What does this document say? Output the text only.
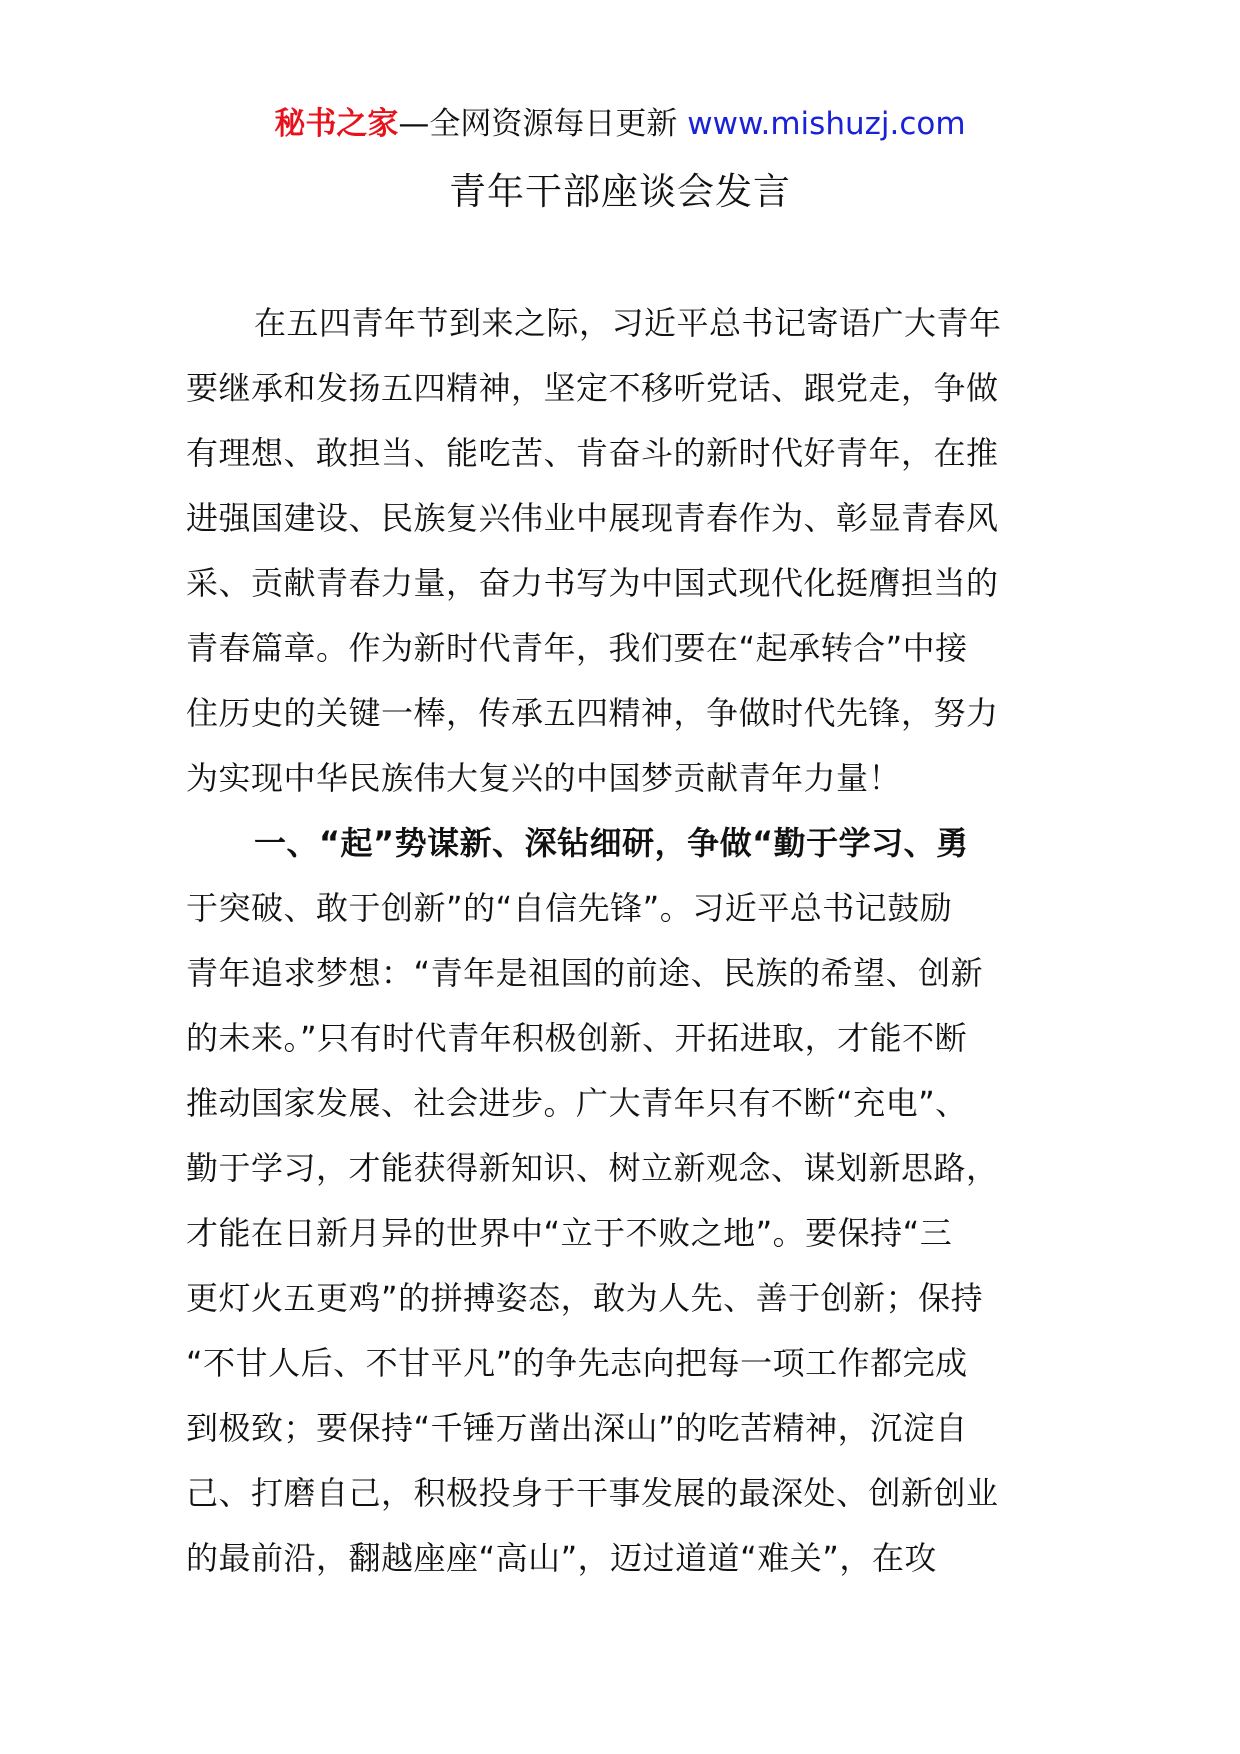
秘书之家—全网资源每日更新 www.mishuzj.com
青年干部座谈会发言
在五四青年节到来之际，习近平总书记寄语广大青年
要继承和发扬五四精神，坚定不移听党话、跟党走，争做
有理想、敢担当、能吃苦、肯奋斗的新时代好青年，在推
进强国建设、民族复兴伟业中展现青春作为、彰显青春风
采、贡献青春力量，奋力书写为中国式现代化挺膺担当的
青春篇章。作为新时代青年，我们要在“起承转合”中接
住历史的关键一棒，传承五四精神，争做时代先锋，努力
为实现中华民族伟大复兴的中国梦贡献青年力量！
一、“起”势谋新、深钻细研，争做“勤于学习、勇
于突破、敢于创新”的“自信先锋”。习近平总书记鼓励
青年追求梦想：“青年是祖国的前途、民族的希望、创新
的未来。”只有时代青年积极创新、开拓进取，才能不断
推动国家发展、社会进步。广大青年只有不断“充电”、
勤于学习，才能获得新知识、树立新观念、谋划新思路，
才能在日新月异的世界中“立于不败之地”。要保持“三
更灯火五更鸡”的拼搏姿态，敢为人先、善于创新；保持
“不甘人后、不甘平凡”的争先志向把每一项工作都完成
到极致；要保持“千锤万凿出深山”的吃苦精神，沉淀自
己、打磨自己，积极投身于干事发展的最深处、创新创业
的最前沿，翻越座座“高山”，迈过道道“难关”，在攻
